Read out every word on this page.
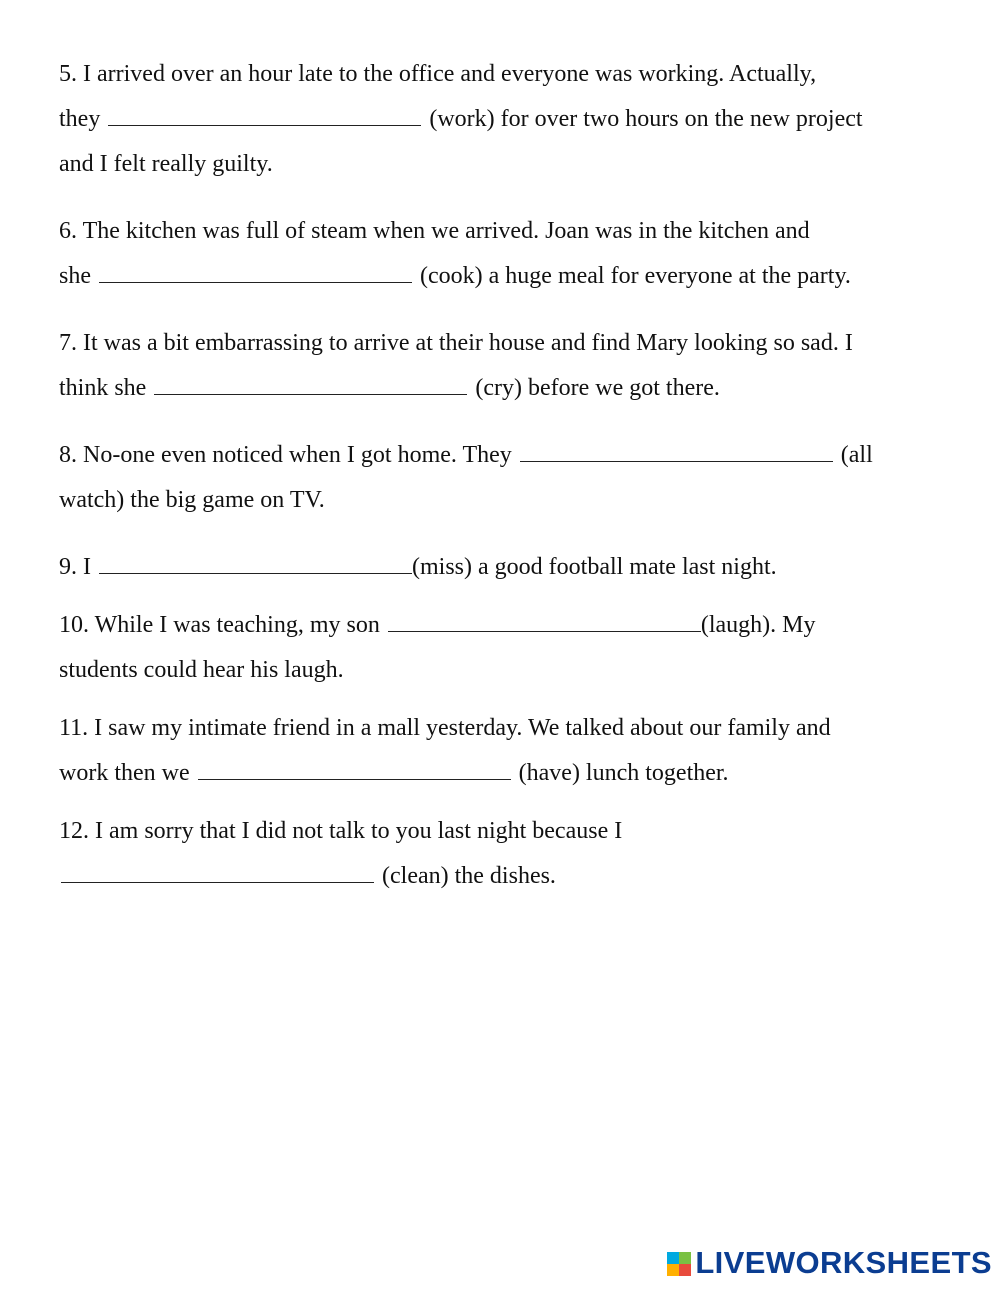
5. I arrived over an hour late to the office and everyone was working. Actually,
they	(work) for over two hours on the new project
and I felt really guilty.
6. The kitchen was full of steam when we arrived. Joan was in the kitchen and
she	(cook) a huge meal for everyone at the party.
7. It was a bit embarrassing to arrive at their house and find Mary looking so sad. I
think she	(cry) before we got there.
8. No-one even noticed when I got home. They	(all
watch) the big game on TV.
9. I	(miss) a good football mate last night.
10. While I was teaching, my son	(laugh). My
students could hear his laugh.
11. I saw my intimate friend in a mall yesterday. We talked about our family and
work then we	(have) lunch together.
12. I am sorry that I did not talk to you last night because I
(clean) the dishes.
LIVEWORKSHEETS
